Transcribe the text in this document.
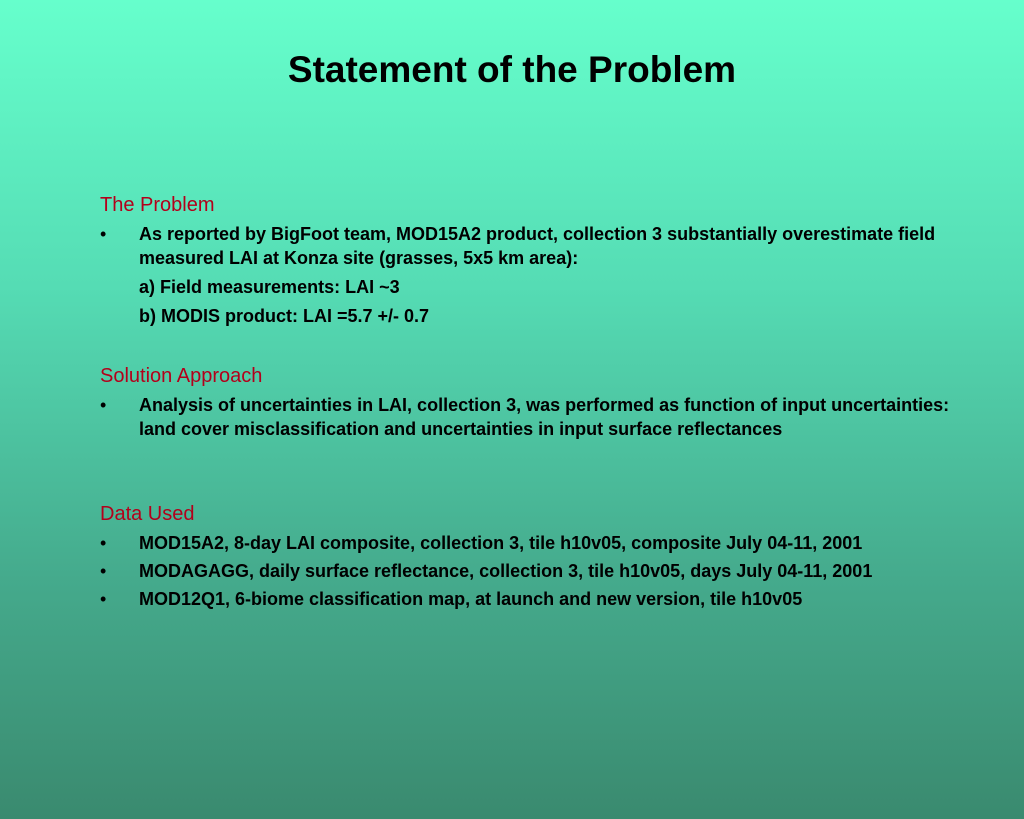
Statement of the Problem
The Problem
• As reported by BigFoot team, MOD15A2 product, collection 3 substantially overestimate field measured LAI at Konza site (grasses, 5x5 km area):
a) Field measurements: LAI ~3
b) MODIS product: LAI =5.7 +/- 0.7
Solution Approach
• Analysis of uncertainties in LAI, collection 3, was performed as function of input uncertainties: land cover misclassification and uncertainties in input surface reflectances
Data Used
• MOD15A2, 8-day LAI composite, collection 3, tile h10v05, composite July 04-11, 2001
• MODAGAGG, daily surface reflectance, collection 3, tile h10v05, days July 04-11, 2001
• MOD12Q1, 6-biome classification map, at launch and new version, tile h10v05
